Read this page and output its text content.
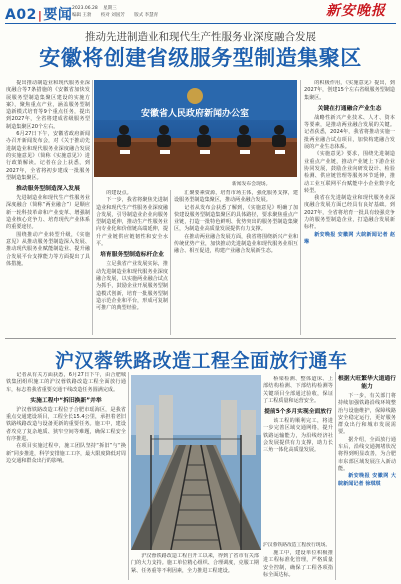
A02|要闻 2023.06.28 星期三
编辑 王勃 校对 刘国芳 版式 李慧青	新安晚报
推动先进制造业和现代生产性服务业深度融合发展
安徽将创建省级服务型制造集聚区

提出推动制造业和现代服务业深度融合等7条措施的《安徽省加快发展服务型制造集聚区建设的实施方案》，聚焦重点产业，涵盖服务型制造新模式培育等9个重点任务，提出到2027年，全省将建成省级服务型制造集聚区20个左右。

6月27日下午，安徽省政府新闻办召开新闻发布会，对《关于推动先进制造业和现代服务业深度融合发展的实施意见》（简称《实施意见》）进行政策解读。记者在会上获悉，到2027年，全省将初步建成一批服务型制造集聚区。

推动服务型制造深入发展

先进制造业和现代生产性服务业深度融合（简称“两业融合”）是顺应新一轮科技革命和产业变革、增强制造业核心竞争力、培育现代产业体系的重要途径。

围绕推动产业转型升级，《实施意见》从推动服务型制造深入发展、推动现代服务业赋能制造业、提升融合发展平台支撑能力等方面提出了具体措施。

安徽省人民政府新闻办公室
新闻发布会现场。

的建设点。

下一步，我省将聚焦先进制造业和现代生产性服务业深度融合发展，引导制造业企业向服务型制造延伸，推动生产性服务业向专业化和价值链高端延伸，提升产业链供应链韧性和安全水平。

培育服务型制造标杆企业

立足我省产业发展实际，推动先进制造业和现代服务业深度融合发展，以实施两业融合试点为抓手，鼓励企业开展服务型制造模式创新，培育一批服务型制造示范企业和平台，形成可复制可推广的典型经验。

汇聚要素资源，培育市场主体，强化服务支撑，建设服务型制造集聚区，推动两业融合发展。

记者从发布会获悉了解到，《实施意见》明确了加快建设服务型制造集聚区的具体路径，要求聚焦重点产业链，打造一批特色鲜明、优势突出的服务型制造集聚区，为制造业高质量发展提供有力支撑。

在推动两业融合发展方面，我省将围绕新兴产业和传统优势产业，加快推动先进制造业和现代服务业相互融合、相互促进，构建产业融合发展新生态。

的积极作用，《实施意见》提出，到2027年，创建15个左右省级服务型制造集聚区。

关键在打通融合产业生态

战略性新兴产业技术、人才、资本等要素，是推动两业融合发展的关键。记者获悉，2024年，我省将推动实施一批两业融合试点项目，加快构建融合发展的产业生态体系。

《实施意见》要求，围绕先进制造业重点产业链，推动产业链上下游企业协同发展，鼓励企业向研发设计、检验检测、供应链管理等服务环节延伸，推动工业互联网平台赋能中小企业数字化转型。

我省在先进制造业和现代服务业深度融合发展方面已经具有良好基础。到2027年，全省将培育一批具有较强竞争力的服务型制造企业，打造融合发展新标杆。

新安晚报 安徽网 大皖新闻记者 赵琳

沪汉蓉铁路改造工程全面放行通车

记者从有关方面获悉，6月27日下午，由合肥城铁集团组织施工的沪汉蓉铁路改造工程全面放行通车，标志着我省重要交通干线改造任务圆满完成。

实施工程中“拆旧换新”并举

沪汉蓉铁路改造工程位于合肥市瑶海区，是我省重点交通建设项目，工程全长15.4公里，承担着老旧铁路线路改造与设备更新的重要任务。施工中，建设者攻克了复杂地质、狭窄空间等难题，确保工程安全有序推进。

在项目实施过程中，施工团队坚持“拆旧”与“换新”同步推进，科学安排施工工序，最大限度降低对周边交通和群众出行的影响。

沪汉蓉铁路改造工程放行现场。

沪汉蓉铁路改造工程自开工以来，得到了省市有关部门的大力支持。施工单位精心组织、合理调度，克服工期紧、任务重等不利因素，全力推进工程建设。

施工中，建设单位积极推进工程标准化管理，严格质量安全控制，确保了工程各项指标全面达标。

桥梁检测、整体道床、上部结构检测、下部结构检测等关键项目全部通过验收，保证了工程质量和运营安全。

提前5个多月实现全面放行

该工程的顺利完工，将进一步完善区域交通网络，提升铁路运输能力，为沿线经济社会发展提供有力支撑，助力长三角一体化高质量发展。

根据大旺繁华大道通行能力

下一步，有关部门将持续加强铁路沿线环境整治与设施维护，保障线路安全稳定运行，更好服务群众出行和城市发展需要。

据介绍，全面放行通车后，沿线交通拥堵状况将得到明显改善，为合肥市东部区域发展注入新动能。

新安晚报 安徽网 大皖新闻记者 徐琪琪
